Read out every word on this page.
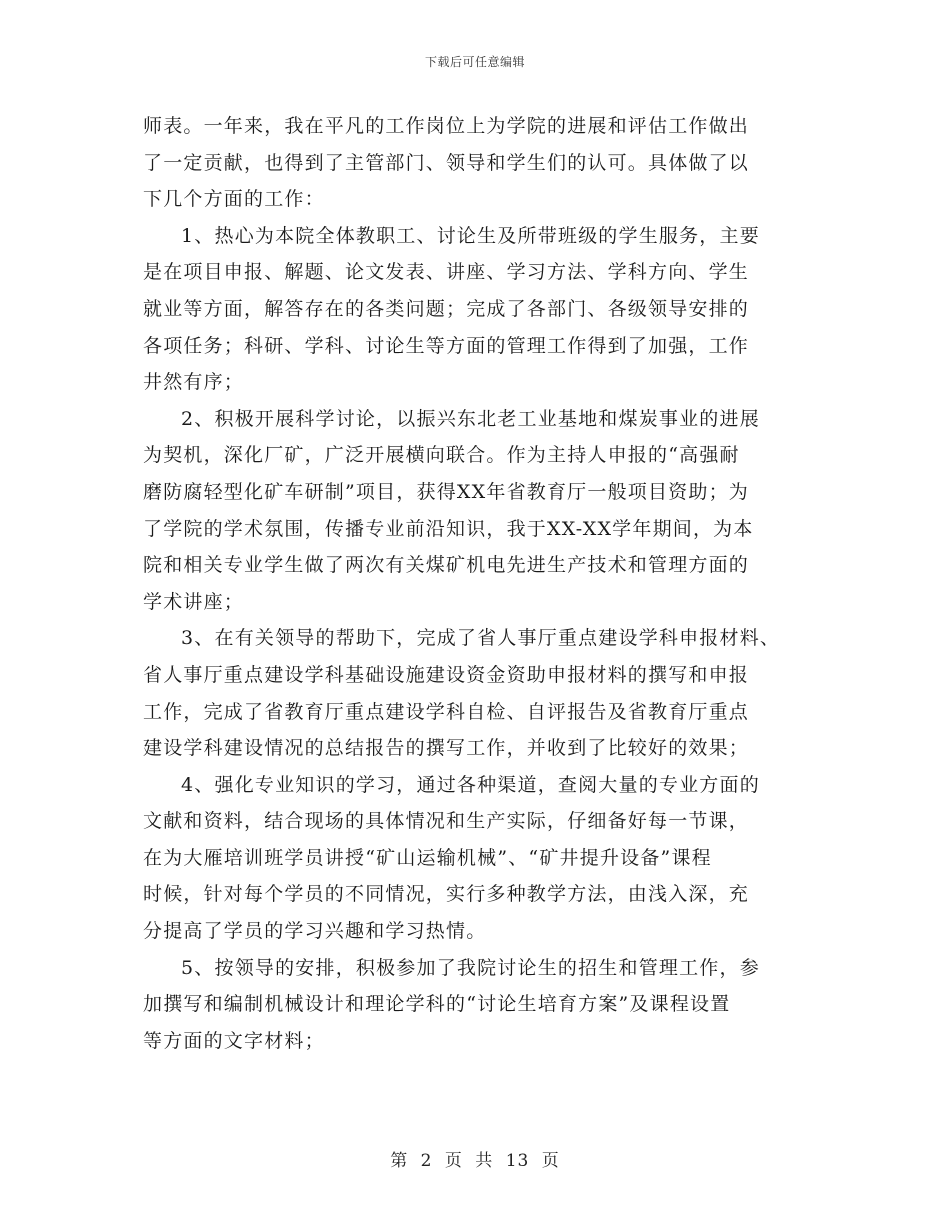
下载后可任意编辑
师表。一年来，我在平凡的工作岗位上为学院的进展和评估工作做出
了一定贡献，也得到了主管部门、领导和学生们的认可。具体做了以
下几个方面的工作：
1、热心为本院全体教职工、讨论生及所带班级的学生服务，主要
是在项目申报、解题、论文发表、讲座、学习方法、学科方向、学生
就业等方面，解答存在的各类问题；完成了各部门、各级领导安排的
各项任务；科研、学科、讨论生等方面的管理工作得到了加强，工作
井然有序；
2、积极开展科学讨论，以振兴东北老工业基地和煤炭事业的进展
为契机，深化厂矿，广泛开展横向联合。作为主持人申报的“高强耐
磨防腐轻型化矿车研制”项目，获得XX年省教育厅一般项目资助；为
了学院的学术氛围，传播专业前沿知识，我于XX-XX学年期间，为本
院和相关专业学生做了两次有关煤矿机电先进生产技术和管理方面的
学术讲座；
3、在有关领导的帮助下，完成了省人事厅重点建设学科申报材料、
省人事厅重点建设学科基础设施建设资金资助申报材料的撰写和申报
工作，完成了省教育厅重点建设学科自检、自评报告及省教育厅重点
建设学科建设情况的总结报告的撰写工作，并收到了比较好的效果；
4、强化专业知识的学习，通过各种渠道，查阅大量的专业方面的
文献和资料，结合现场的具体情况和生产实际，仔细备好每一节课，
在为大雁培训班学员讲授“矿山运输机械”、“矿井提升设备”课程
时候，针对每个学员的不同情况，实行多种教学方法，由浅入深，充
分提高了学员的学习兴趣和学习热情。
5、按领导的安排，积极参加了我院讨论生的招生和管理工作，参
加撰写和编制机械设计和理论学科的“讨论生培育方案”及课程设置
等方面的文字材料；
第 2 页 共 13 页
